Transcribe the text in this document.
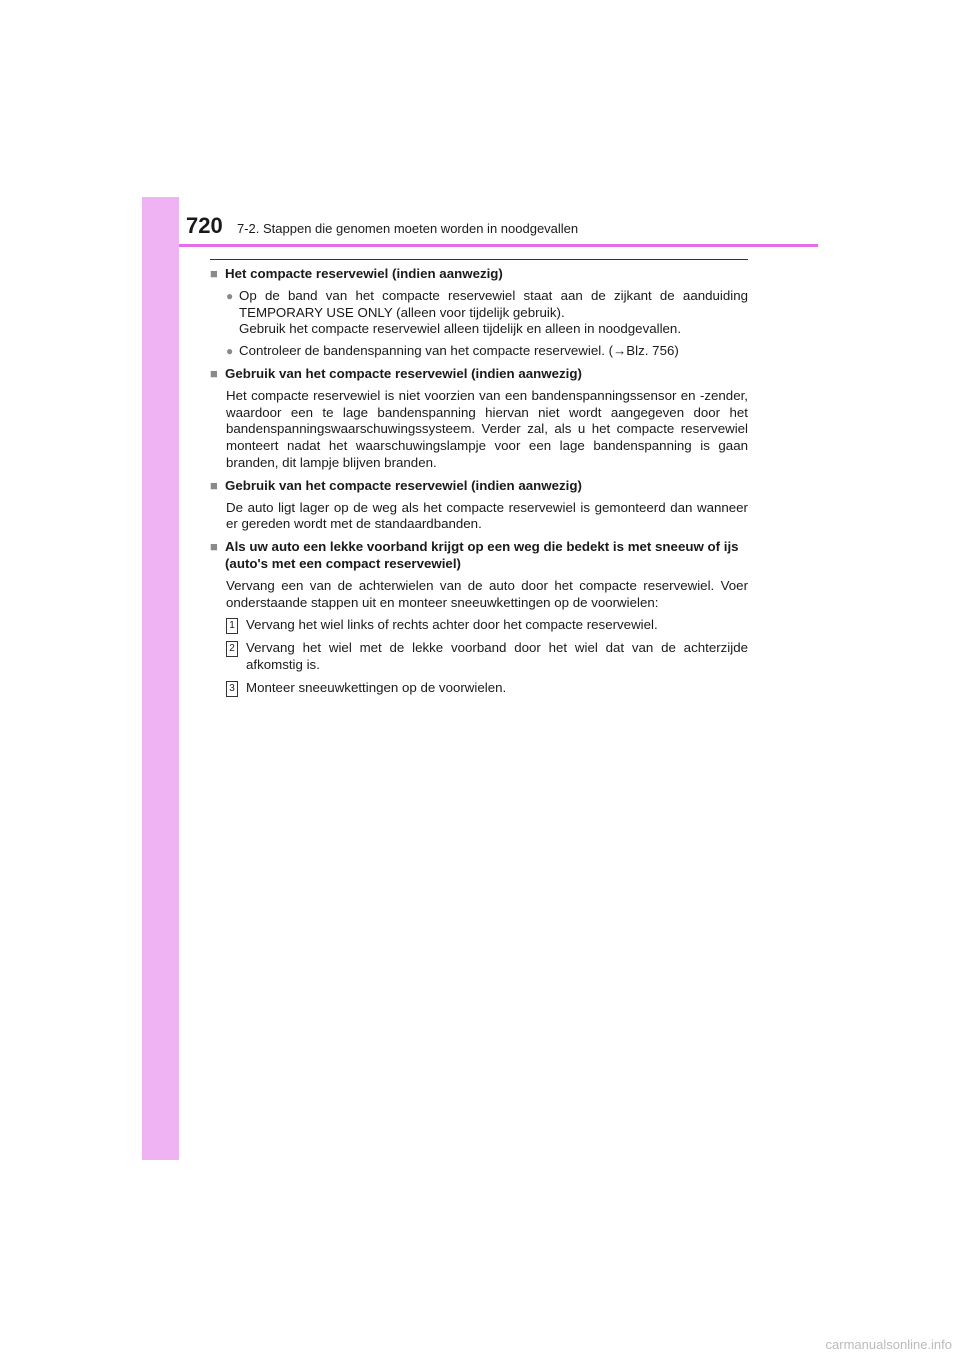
720 7-2. Stappen die genomen moeten worden in noodgevallen
■ Het compacte reservewiel (indien aanwezig)
● Op de band van het compacte reservewiel staat aan de zijkant de aanduiding TEMPORARY USE ONLY (alleen voor tijdelijk gebruik).
Gebruik het compacte reservewiel alleen tijdelijk en alleen in noodgevallen.
● Controleer de bandenspanning van het compacte reservewiel. (→Blz. 756)
■ Gebruik van het compacte reservewiel (indien aanwezig)
Het compacte reservewiel is niet voorzien van een bandenspanningssensor en -zender, waardoor een te lage bandenspanning hiervan niet wordt aangegeven door het bandenspanningswaarschuwingssysteem. Verder zal, als u het compacte reservewiel monteert nadat het waarschuwingslampje voor een lage bandenspanning is gaan branden, dit lampje blijven branden.
■ Gebruik van het compacte reservewiel (indien aanwezig)
De auto ligt lager op de weg als het compacte reservewiel is gemonteerd dan wanneer er gereden wordt met de standaardbanden.
■ Als uw auto een lekke voorband krijgt op een weg die bedekt is met sneeuw of ijs (auto's met een compact reservewiel)
Vervang een van de achterwielen van de auto door het compacte reservewiel. Voer onderstaande stappen uit en monteer sneeuwkettingen op de voorwielen:
1 Vervang het wiel links of rechts achter door het compacte reservewiel.
2 Vervang het wiel met de lekke voorband door het wiel dat van de achterzijde afkomstig is.
3 Monteer sneeuwkettingen op de voorwielen.
carmanualsonline.info
